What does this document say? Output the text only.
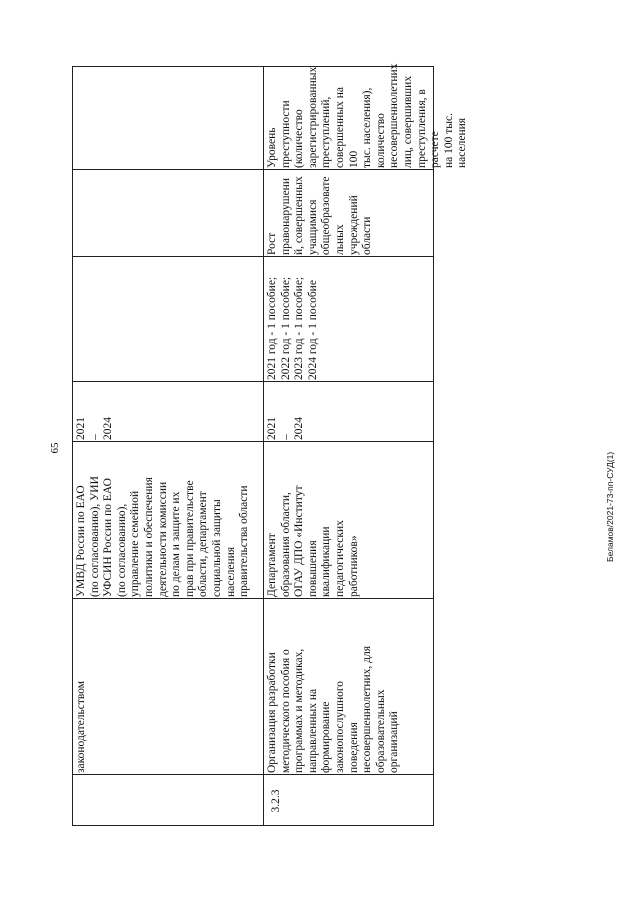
65
Беламов/2021-73-пп-СУД(1)
законодательством
УМВД России по ЕАО
(по согласованию), УИИ
УФСИН России по ЕАО
(по согласованию),
управление семейной
политики и обеспечения
деятельности комиссии
по делам и защите их
прав при правительстве
области, департамент
социальной защиты
населения
правительства области
2021
–
2024
3.2.3
Организация разработки
методического пособия о
программах и методиках,
направленных на
формирование
законопослушного
поведения
несовершеннолетних, для
образовательных
организаций
Департамент
образования области,
ОГАУ ДПО «Институт
повышения
квалификации
педагогических
работников»
2021
–
2024
2021 год - 1 пособие;
2022 год - 1 пособие;
2023 год - 1 пособие;
2024 год - 1 пособие
Рост
правонарушени
й, совершенных
учащимися
общеобразовате
льных
учреждений
области
Уровень преступности
(количество
зарегистрированных
преступлений,
совершенных на 100
тыс. населения),
количество
несовершеннолетних
лиц, совершивших
преступления, в расчете
на 100 тыс. населения
